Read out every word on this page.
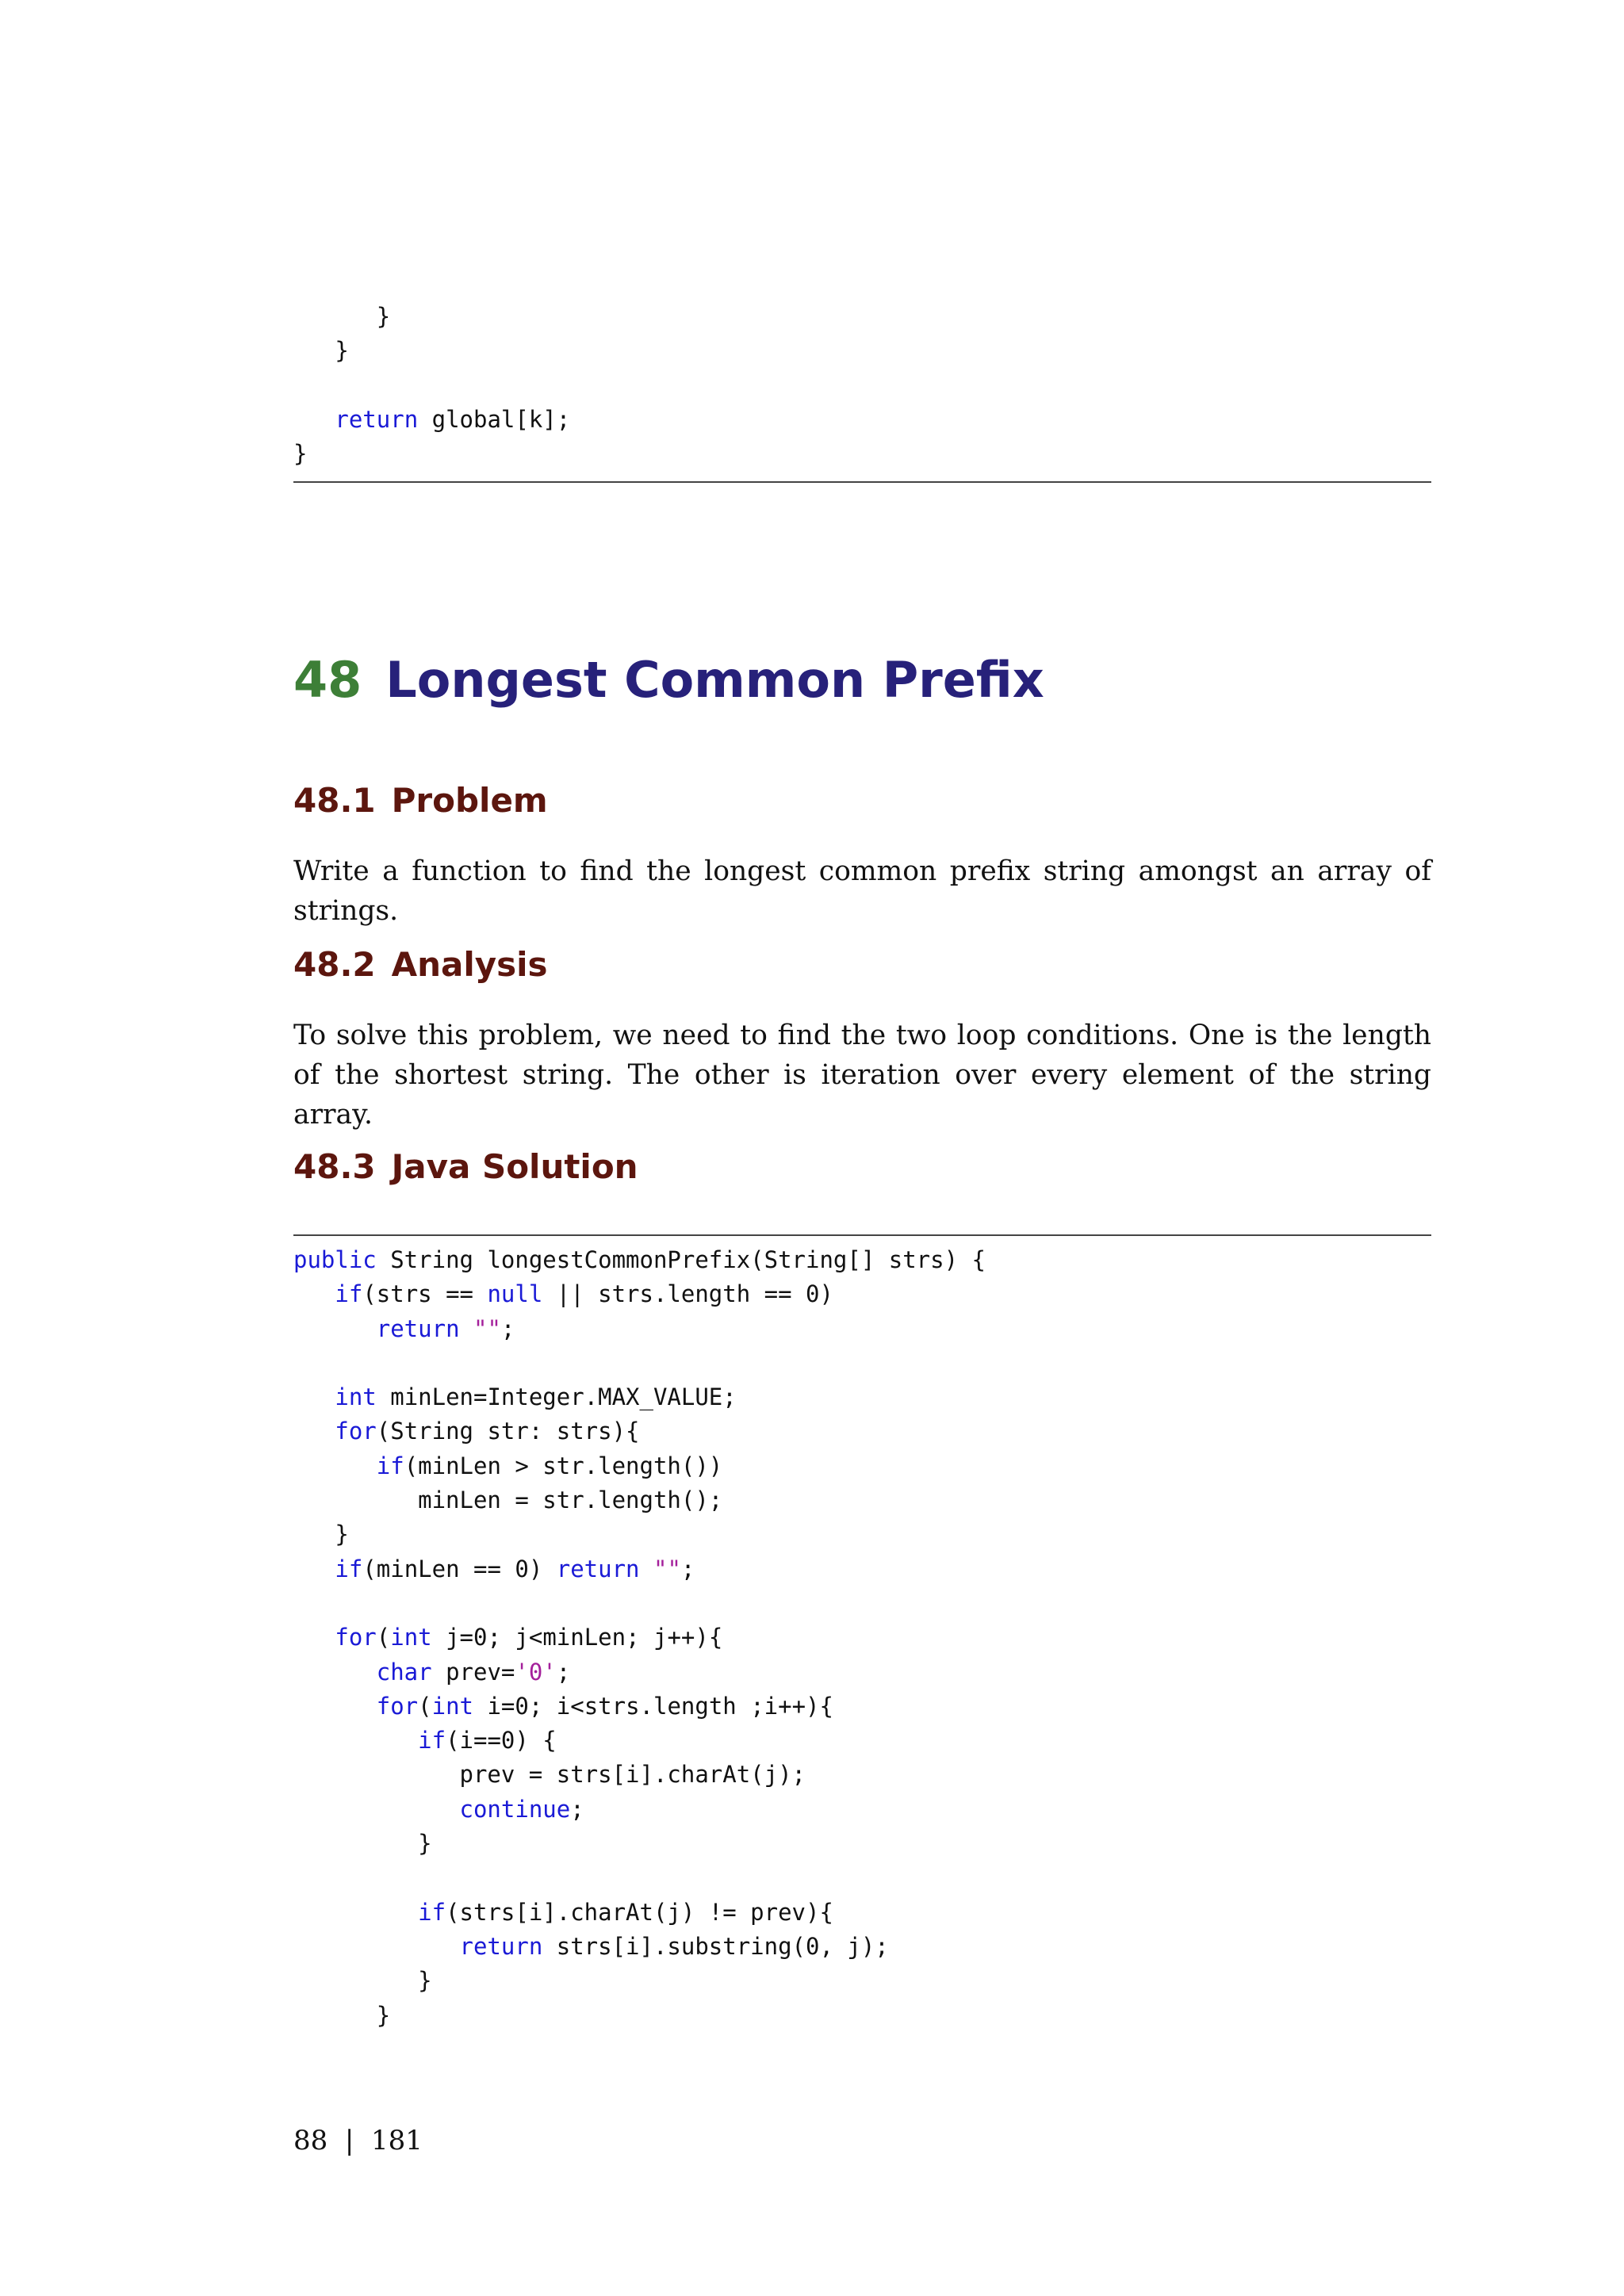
}
}

return global[k];
}
48 Longest Common Prefix
48.1 Problem

Write a function to find the longest common prefix string amongst an array of strings.

48.2 Analysis

To solve this problem, we need to find the two loop conditions. One is the length of the shortest string. The other is iteration over every element of the string array.

48.3 Java Solution
public String longestCommonPrefix(String[] strs) {
if(strs == null || strs.length == 0)
return "";

int minLen=Integer.MAX_VALUE;
for(String str: strs){
if(minLen > str.length())
minLen = str.length();
}
if(minLen == 0) return "";

for(int j=0; j<minLen; j++){
char prev='0';
for(int i=0; i<strs.length ;i++){
if(i==0) {
prev = strs[i].charAt(j);
continue;
}

if(strs[i].charAt(j) != prev){
return strs[i].substring(0, j);
}
}
88 | 181
